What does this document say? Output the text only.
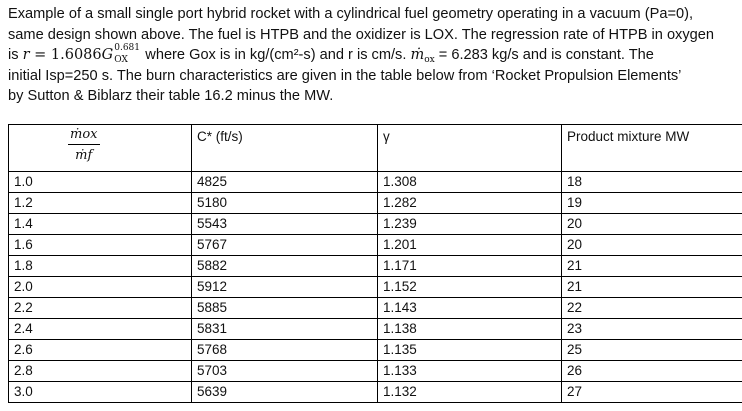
Example of a small single port hybrid rocket with a cylindrical fuel geometry operating in a vacuum (Pa=0),

same design shown above. The fuel is HTPB and the oxidizer is LOX. The regression rate of HTPB in oxygen

is r = 1.6086G 0.681
OX where Gox is in kg/(cm²-s) and r is cm/s. ṁ$_{ox}$ = 6.283 kg/s and is constant. The

initial Isp=250 s. The burn characteristics are given in the table below from ‘Rocket Propulsion Elements’

by Sutton & Biblarz their table 16.2 minus the MW.

$\frac{\text{ṁox}}{\text{ṁf}}$	C* (ft/s)	γ	Product mixture MW
1.0	4825	1.308	18
1.2	5180	1.282	19
1.4	5543	1.239	20
1.6	5767	1.201	20
1.8	5882	1.171	21
2.0	5912	1.152	21
2.2	5885	1.143	22
2.4	5831	1.138	23
2.6	5768	1.135	25
2.8	5703	1.133	26
3.0	5639	1.132	27
